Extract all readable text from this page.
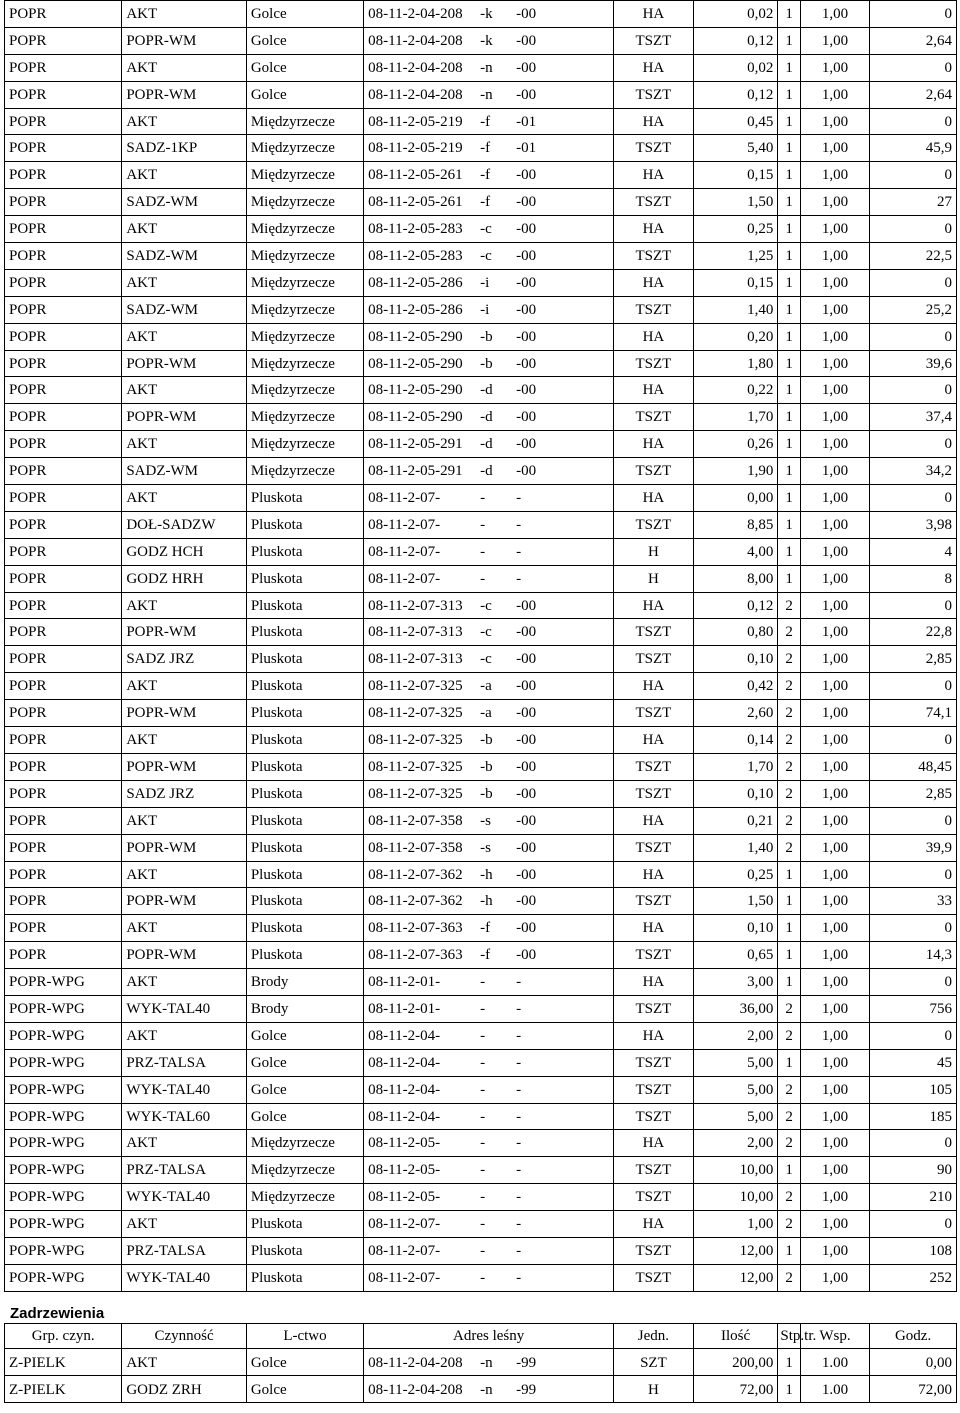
POPR	AKT	Golce	08-11-2-04-208 -k -00	HA	0,02	1	1,00	0
POPR	POPR-WM	Golce	08-11-2-04-208 -k -00	TSZT	0,12	1	1,00	2,64
POPR	AKT	Golce	08-11-2-04-208 -n -00	HA	0,02	1	1,00	0
POPR	POPR-WM	Golce	08-11-2-04-208 -n -00	TSZT	0,12	1	1,00	2,64
POPR	AKT	Międzyrzecze	08-11-2-05-219 -f -01	HA	0,45	1	1,00	0
POPR	SADZ-1KP	Międzyrzecze	08-11-2-05-219 -f -01	TSZT	5,40	1	1,00	45,9
POPR	AKT	Międzyrzecze	08-11-2-05-261 -f -00	HA	0,15	1	1,00	0
POPR	SADZ-WM	Międzyrzecze	08-11-2-05-261 -f -00	TSZT	1,50	1	1,00	27
POPR	AKT	Międzyrzecze	08-11-2-05-283 -c -00	HA	0,25	1	1,00	0
POPR	SADZ-WM	Międzyrzecze	08-11-2-05-283 -c -00	TSZT	1,25	1	1,00	22,5
POPR	AKT	Międzyrzecze	08-11-2-05-286 -i -00	HA	0,15	1	1,00	0
POPR	SADZ-WM	Międzyrzecze	08-11-2-05-286 -i -00	TSZT	1,40	1	1,00	25,2
POPR	AKT	Międzyrzecze	08-11-2-05-290 -b -00	HA	0,20	1	1,00	0
POPR	POPR-WM	Międzyrzecze	08-11-2-05-290 -b -00	TSZT	1,80	1	1,00	39,6
POPR	AKT	Międzyrzecze	08-11-2-05-290 -d -00	HA	0,22	1	1,00	0
POPR	POPR-WM	Międzyrzecze	08-11-2-05-290 -d -00	TSZT	1,70	1	1,00	37,4
POPR	AKT	Międzyrzecze	08-11-2-05-291 -d -00	HA	0,26	1	1,00	0
POPR	SADZ-WM	Międzyrzecze	08-11-2-05-291 -d -00	TSZT	1,90	1	1,00	34,2
POPR	AKT	Pluskota	08-11-2-07- - -	HA	0,00	1	1,00	0
POPR	DOŁ-SADZW	Pluskota	08-11-2-07- - -	TSZT	8,85	1	1,00	3,98
POPR	GODZ HCH	Pluskota	08-11-2-07- - -	H	4,00	1	1,00	4
POPR	GODZ HRH	Pluskota	08-11-2-07- - -	H	8,00	1	1,00	8
POPR	AKT	Pluskota	08-11-2-07-313 -c -00	HA	0,12	2	1,00	0
POPR	POPR-WM	Pluskota	08-11-2-07-313 -c -00	TSZT	0,80	2	1,00	22,8
POPR	SADZ JRZ	Pluskota	08-11-2-07-313 -c -00	TSZT	0,10	2	1,00	2,85
POPR	AKT	Pluskota	08-11-2-07-325 -a -00	HA	0,42	2	1,00	0
POPR	POPR-WM	Pluskota	08-11-2-07-325 -a -00	TSZT	2,60	2	1,00	74,1
POPR	AKT	Pluskota	08-11-2-07-325 -b -00	HA	0,14	2	1,00	0
POPR	POPR-WM	Pluskota	08-11-2-07-325 -b -00	TSZT	1,70	2	1,00	48,45
POPR	SADZ JRZ	Pluskota	08-11-2-07-325 -b -00	TSZT	0,10	2	1,00	2,85
POPR	AKT	Pluskota	08-11-2-07-358 -s -00	HA	0,21	2	1,00	0
POPR	POPR-WM	Pluskota	08-11-2-07-358 -s -00	TSZT	1,40	2	1,00	39,9
POPR	AKT	Pluskota	08-11-2-07-362 -h -00	HA	0,25	1	1,00	0
POPR	POPR-WM	Pluskota	08-11-2-07-362 -h -00	TSZT	1,50	1	1,00	33
POPR	AKT	Pluskota	08-11-2-07-363 -f -00	HA	0,10	1	1,00	0
POPR	POPR-WM	Pluskota	08-11-2-07-363 -f -00	TSZT	0,65	1	1,00	14,3
POPR-WPG	AKT	Brody	08-11-2-01- - -	HA	3,00	1	1,00	0
POPR-WPG	WYK-TAL40	Brody	08-11-2-01- - -	TSZT	36,00	2	1,00	756
POPR-WPG	AKT	Golce	08-11-2-04- - -	HA	2,00	2	1,00	0
POPR-WPG	PRZ-TALSA	Golce	08-11-2-04- - -	TSZT	5,00	1	1,00	45
POPR-WPG	WYK-TAL40	Golce	08-11-2-04- - -	TSZT	5,00	2	1,00	105
POPR-WPG	WYK-TAL60	Golce	08-11-2-04- - -	TSZT	5,00	2	1,00	185
POPR-WPG	AKT	Międzyrzecze	08-11-2-05- - -	HA	2,00	2	1,00	0
POPR-WPG	PRZ-TALSA	Międzyrzecze	08-11-2-05- - -	TSZT	10,00	1	1,00	90
POPR-WPG	WYK-TAL40	Międzyrzecze	08-11-2-05- - -	TSZT	10,00	2	1,00	210
POPR-WPG	AKT	Pluskota	08-11-2-07- - -	HA	1,00	2	1,00	0
POPR-WPG	PRZ-TALSA	Pluskota	08-11-2-07- - -	TSZT	12,00	1	1,00	108
POPR-WPG	WYK-TAL40	Pluskota	08-11-2-07- - -	TSZT	12,00	2	1,00	252
Zadrzewienia
Grp. czyn.	Czynność	L-ctwo	Adres leśny	Jedn.	Ilość	Stp.tr.	Wsp.	Godz.
Z-PIELK	AKT	Golce	08-11-2-04-208 -n -99	SZT	200,00	1	1.00	0,00
Z-PIELK	GODZ ZRH	Golce	08-11-2-04-208 -n -99	H	72,00	1	1.00	72,00
